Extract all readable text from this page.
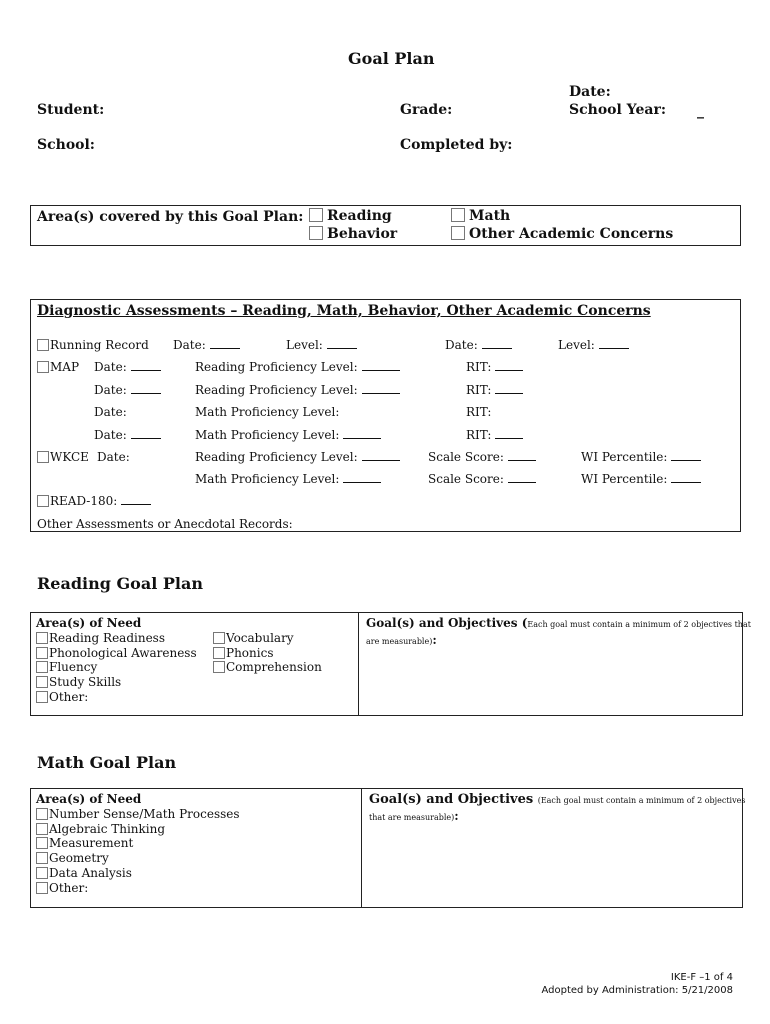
Goal Plan
Date:
Student:	Grade:	School Year: _
School:	Completed by:
Area(s) covered by this Goal Plan:	Reading
Behavior
Math
Other Academic Concerns
Diagnostic Assessments – Reading, Math, Behavior, Other Academic Concerns
Running Record Date:	Level:	Date:	Level:
MAP Date:	Reading Proficiency Level:	RIT:
Date:	Reading Proficiency Level:	RIT:
Date:	Math Proficiency Level:	RIT:
Date:	Math Proficiency Level:	RIT:
WKCE Date:	Reading Proficiency Level:	Scale Score:	WI Percentile:
Math Proficiency Level:	Scale Score:	WI Percentile:
READ-180:
Other Assessments or Anecdotal Records:
Reading Goal Plan
Area(s) of Need
Reading Readiness
Phonological Awareness
Fluency
Study Skills
Other:
Vocabulary
Phonics
Comprehension
Goal(s) and Objectives (Each goal must contain a minimum of 2 objectives that
are measurable):
Math Goal Plan
Area(s) of Need
Number Sense/Math Processes
Algebraic Thinking
Measurement
Geometry
Data Analysis
Other:
Goal(s) and Objectives (Each goal must contain a minimum of 2 objectives
that are measurable):
IKE-F –1 of 4
Adopted by Administration: 5/21/2008
